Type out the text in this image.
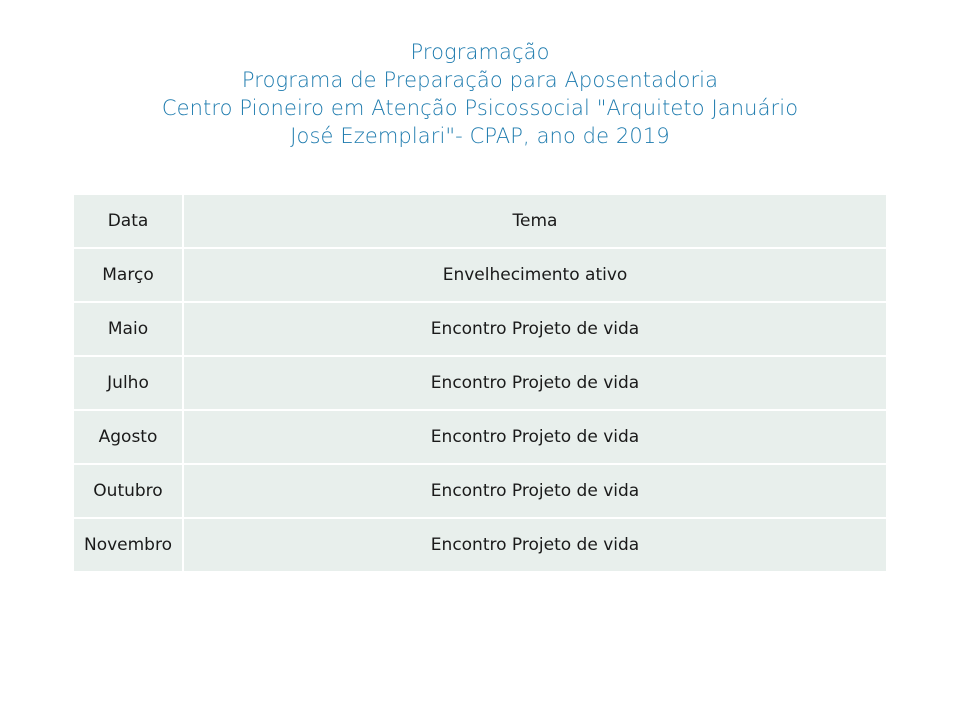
Programação
Programa de Preparação para Aposentadoria
Centro Pioneiro em Atenção Psicossocial "Arquiteto Januário
José Ezemplari"- CPAP, ano de 2019
Data	Tema
Março	Envelhecimento ativo
Maio	Encontro Projeto de vida
Julho	Encontro Projeto de vida
Agosto	Encontro Projeto de vida
Outubro	Encontro Projeto de vida
Novembro	Encontro Projeto de vida
